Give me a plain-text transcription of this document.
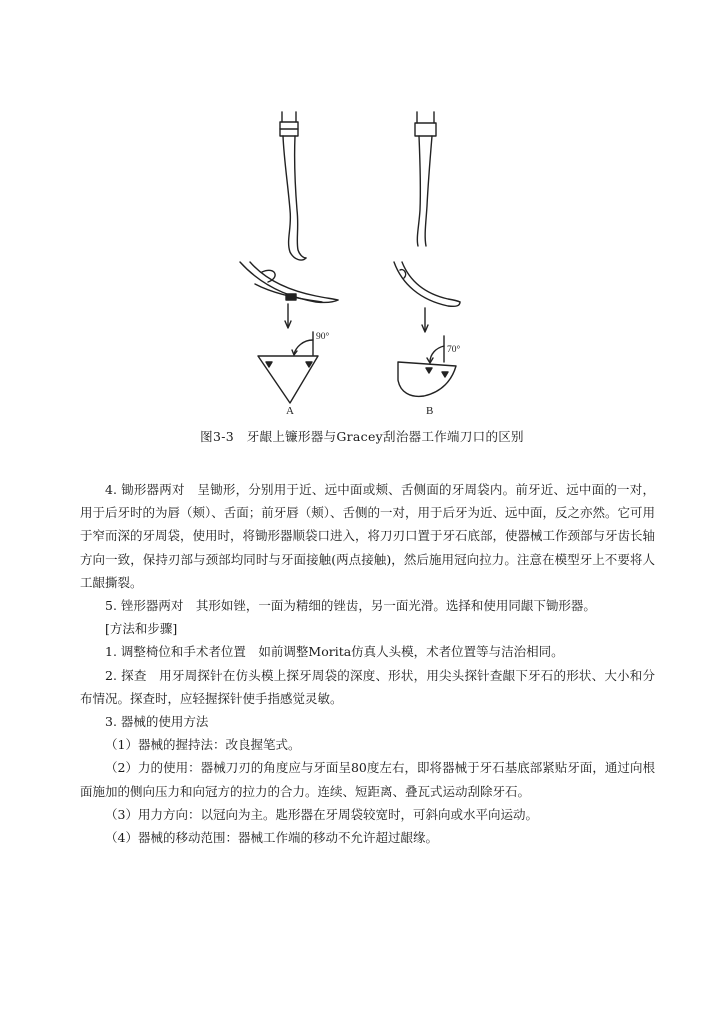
A	B
90°
70°
图3-3　牙龈上镰形器与Gracey刮治器工作端刀口的区别

4. 锄形器两对　呈锄形，分别用于近、远中面或颊、舌侧面的牙周袋内。前牙近、远中面的一对，用于后牙时的为唇（颊）、舌面；前牙唇（颊）、舌侧的一对，用于后牙为近、远中面，反之亦然。它可用于窄而深的牙周袋，使用时，将锄形器顺袋口进入，将刀刃口置于牙石底部，使器械工作颈部与牙齿长轴方向一致，保持刃部与颈部均同时与牙面接触(两点接触)，然后施用冠向拉力。注意在模型牙上不要将人工龈撕裂。

5. 锉形器两对　其形如锉，一面为精细的锉齿，另一面光滑。选择和使用同龈下锄形器。

[方法和步骤]

1. 调整椅位和手术者位置　如前调整Morita仿真人头模，术者位置等与洁治相同。

2. 探查　用牙周探针在仿头模上探牙周袋的深度、形状，用尖头探针查龈下牙石的形状、大小和分布情况。探查时，应轻握探针使手指感觉灵敏。

3. 器械的使用方法

（1）器械的握持法：改良握笔式。

（2）力的使用：器械刀刃的角度应与牙面呈80度左右，即将器械于牙石基底部紧贴牙面，通过向根面施加的侧向压力和向冠方的拉力的合力。连续、短距离、叠瓦式运动刮除牙石。

（3）用力方向：以冠向为主。匙形器在牙周袋较宽时，可斜向或水平向运动。

（4）器械的移动范围：器械工作端的移动不允许超过龈缘。
